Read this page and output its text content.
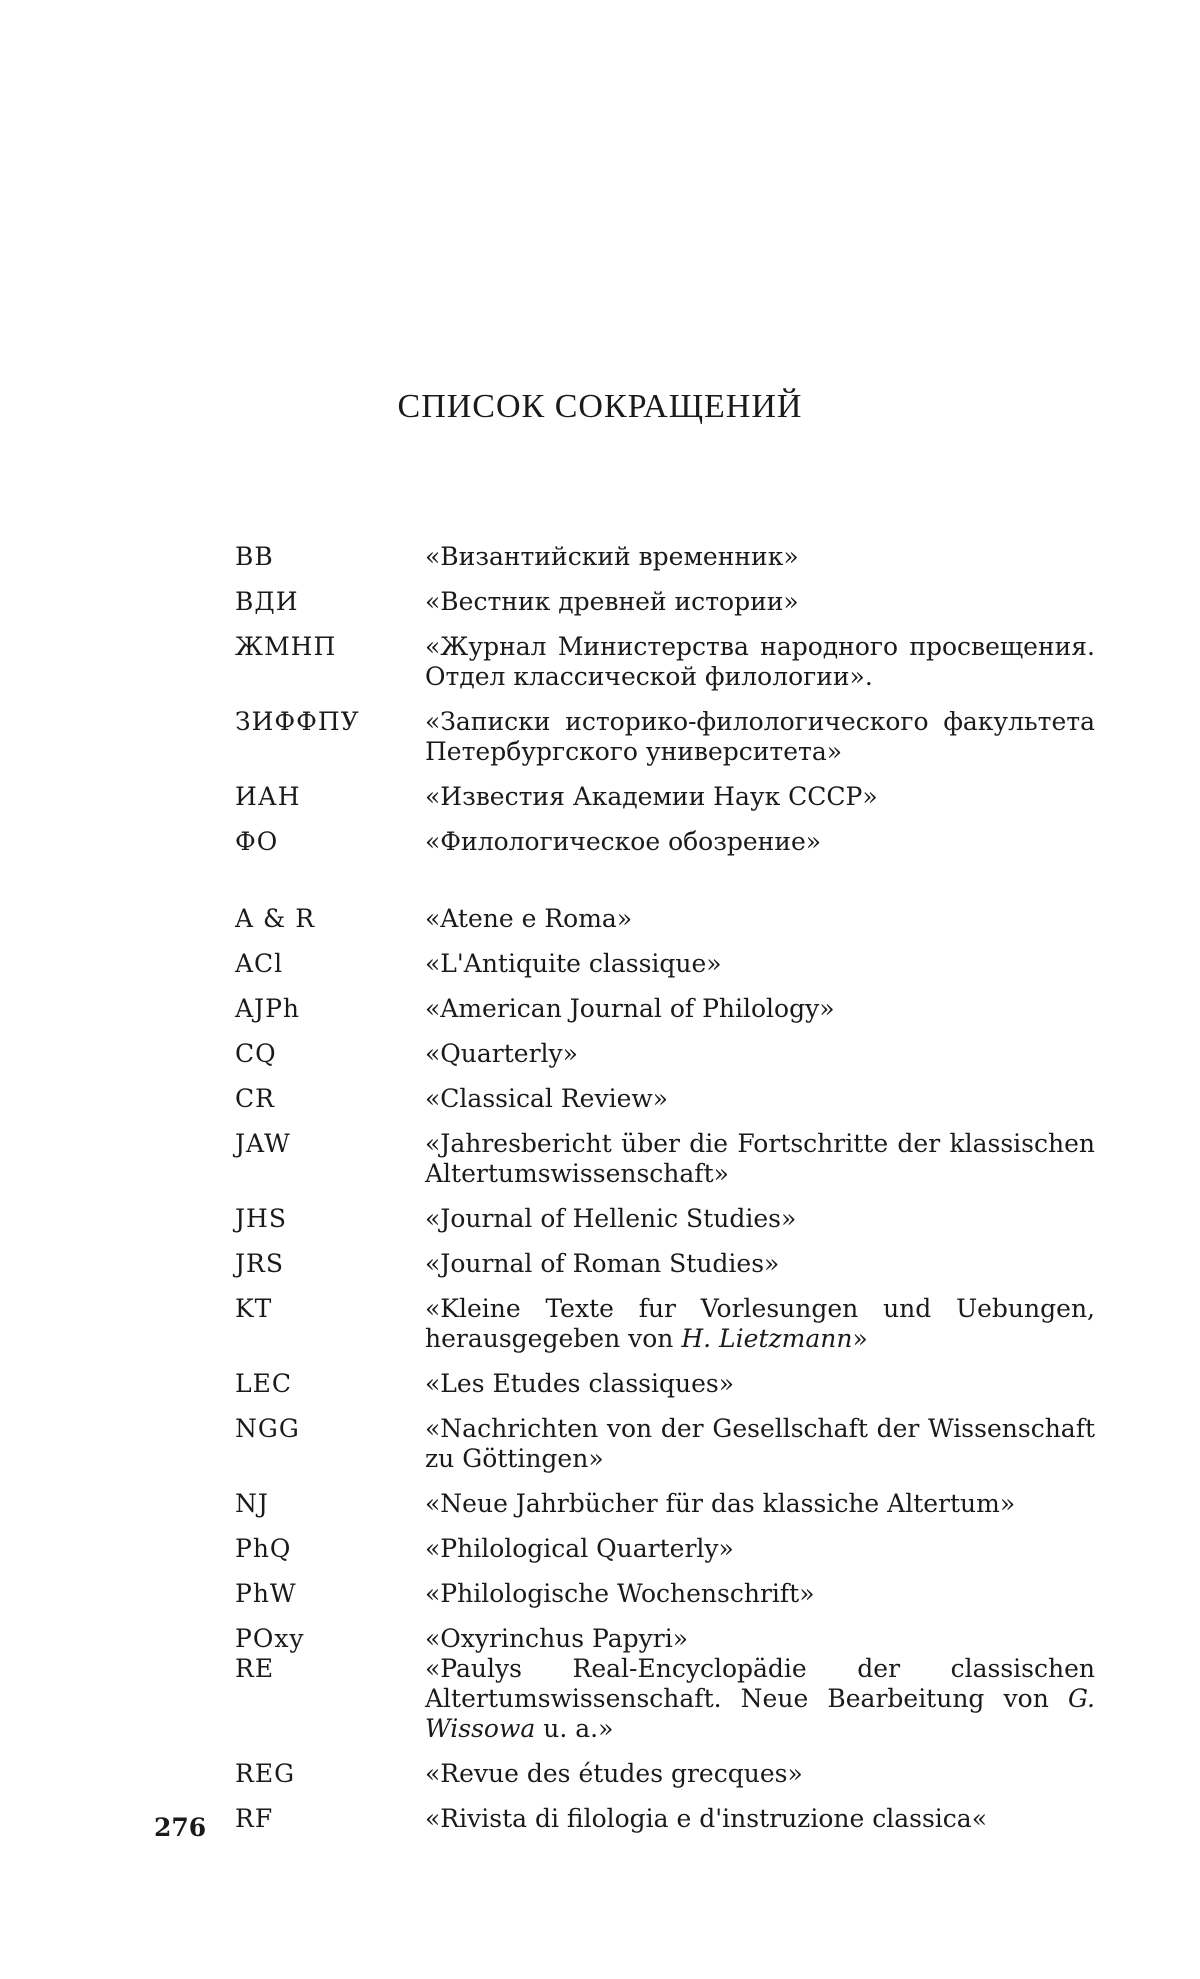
СПИСОК СОКРАЩЕНИЙ
ВВ	«Византийский временник»
ВДИ	«Вестник древней истории»
ЖМНП	«Журнал Министерства народного просвещения. Отдел классической филологии».
ЗИФФПУ	«Записки историко-филологического факультета Петербургского университета»
ИАН	«Известия Академии Наук СССР»
ФО	«Филологическое обозрение»
A & R	«Atene e Roma»
ACl	«L'Antiquite classique»
AJPh	«American Journal of Philology»
CQ	«Quarterly»
CR	«Classical Review»
JAW	«Jahresbericht über die Fortschritte der klassischen Altertumswissenschaft»
JHS	«Journal of Hellenic Studies»
JRS	«Journal of Roman Studies»
KT	«Kleine Texte fur Vorlesungen und Uebungen, herausgegeben von H. Lietzmann»
LEC	«Les Etudes classiques»
NGG	«Nachrichten von der Gesellschaft der Wissenschaft zu Göttingen»
NJ	«Neue Jahrbücher für das klassiche Altertum»
PhQ	«Philological Quarterly»
PhW	«Philologische Wochenschrift»
POxy	«Oxyrinchus Papyri»
RE	«Paulys Real-Encyclopädie der classischen Altertumswissenschaft. Neue Bearbeitung von G. Wissowa u. a.»
REG	«Revue des études grecques»
RF	«Rivista di filologia e d'instruzione classica«
276
